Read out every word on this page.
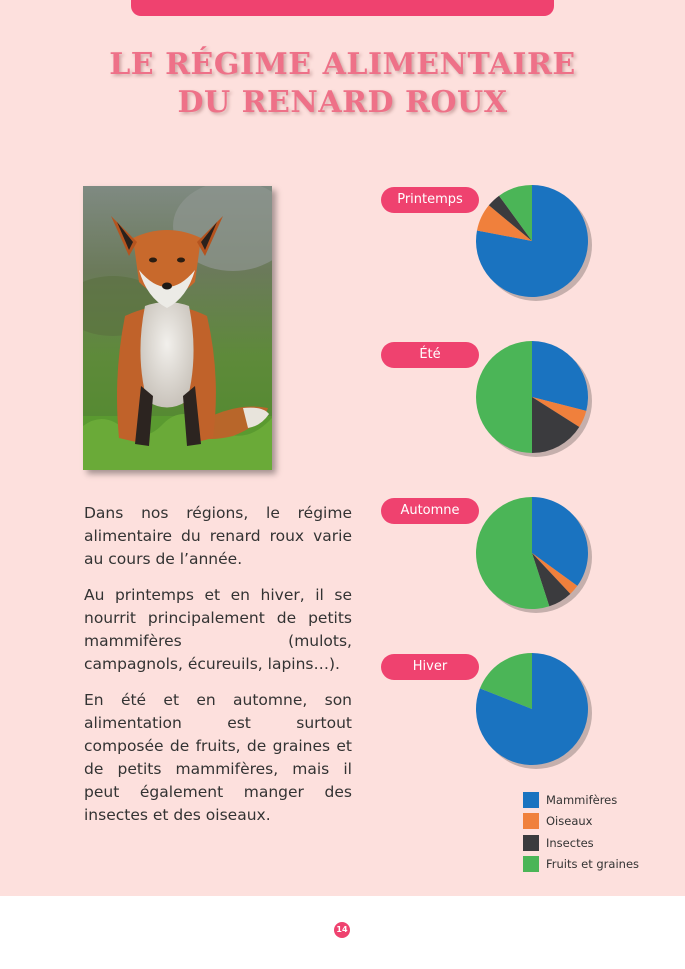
LE RÉGIME ALIMENTAIRE
DU RENARD ROUX

Dans nos régions, le régime alimentaire du renard roux varie au cours de l’année.

Au printemps et en hiver, il se nourrit principalement de petits mammifères (mulots, campagnols, écureuils, lapins…).

En été et en automne, son alimentation est surtout composée de fruits, de graines et de petits mammifères, mais il peut également manger des insectes et des oiseaux.

Printemps
Été
Automne
Hiver
Mammifères
Oiseaux
Insectes
Fruits et graines
14
